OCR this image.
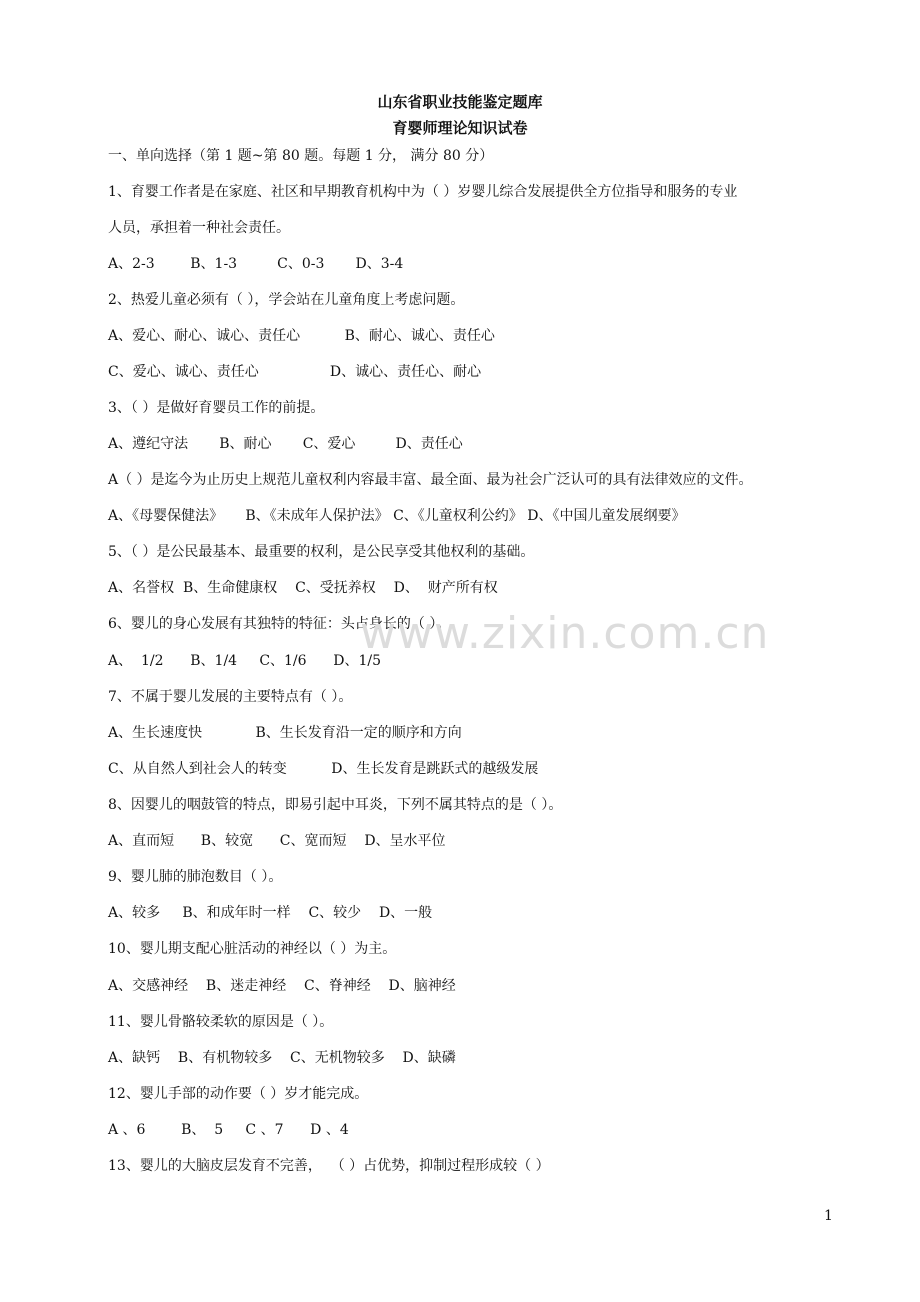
山东省职业技能鉴定题库
育婴师理论知识试卷
一、单向选择（第 1 题~第 80 题。每题 1 分， 满分 80 分）
1、育婴工作者是在家庭、社区和早期教育机构中为（ ）岁婴儿综合发展提供全方位指导和服务的专业
人员，承担着一种社会责任。
A、2-3        B、1-3         C、0-3       D、3-4
2、热爱儿童必须有（ ），学会站在儿童角度上考虑问题。
A、爱心、耐心、诚心、责任心          B、耐心、诚心、责任心
C、爱心、诚心、责任心                D、诚心、责任心、耐心
3、（ ）是做好育婴员工作的前提。
A、遵纪守法       B、耐心       C、爱心         D、责任心
A（ ）是迄今为止历史上规范儿童权利内容最丰富、最全面、最为社会广泛认可的具有法律效应的文件。
A、《母婴保健法》     B、《未成年人保护法》 C、《儿童权利公约》 D、《中国儿童发展纲要》
5、（ ）是公民最基本、最重要的权利，是公民享受其他权利的基础。
A、名誉权  B、生命健康权    C、受抚养权    D、  财产所有权
6、婴儿的身心发展有其独特的特征：头占身长的（ ）。
A、  1/2      B、1/4     C、1/6      D、1/5
7、不属于婴儿发展的主要特点有（ ）。
A、生长速度快            B、生长发育沿一定的顺序和方向
C、从自然人到社会人的转变          D、生长发育是跳跃式的越级发展
8、因婴儿的咽鼓管的特点，即易引起中耳炎，下列不属其特点的是（ ）。
A、直而短      B、较宽      C、宽而短    D、呈水平位
9、婴儿肺的肺泡数目（ ）。
A、较多     B、和成年时一样    C、较少    D、一般
10、婴儿期支配心脏活动的神经以（ ）为主。
A、交感神经    B、迷走神经    C、脊神经    D、脑神经
11、婴儿骨骼较柔软的原因是（ ）。
A、缺钙    B、有机物较多    C、无机物较多    D、缺磷
12、婴儿手部的动作要（ ）岁才能完成。
A 、6        B、  5     C 、7      D 、4
13、婴儿的大脑皮层发育不完善，  （ ）占优势，抑制过程形成较（ ）
www.zixin.com.cn
1
